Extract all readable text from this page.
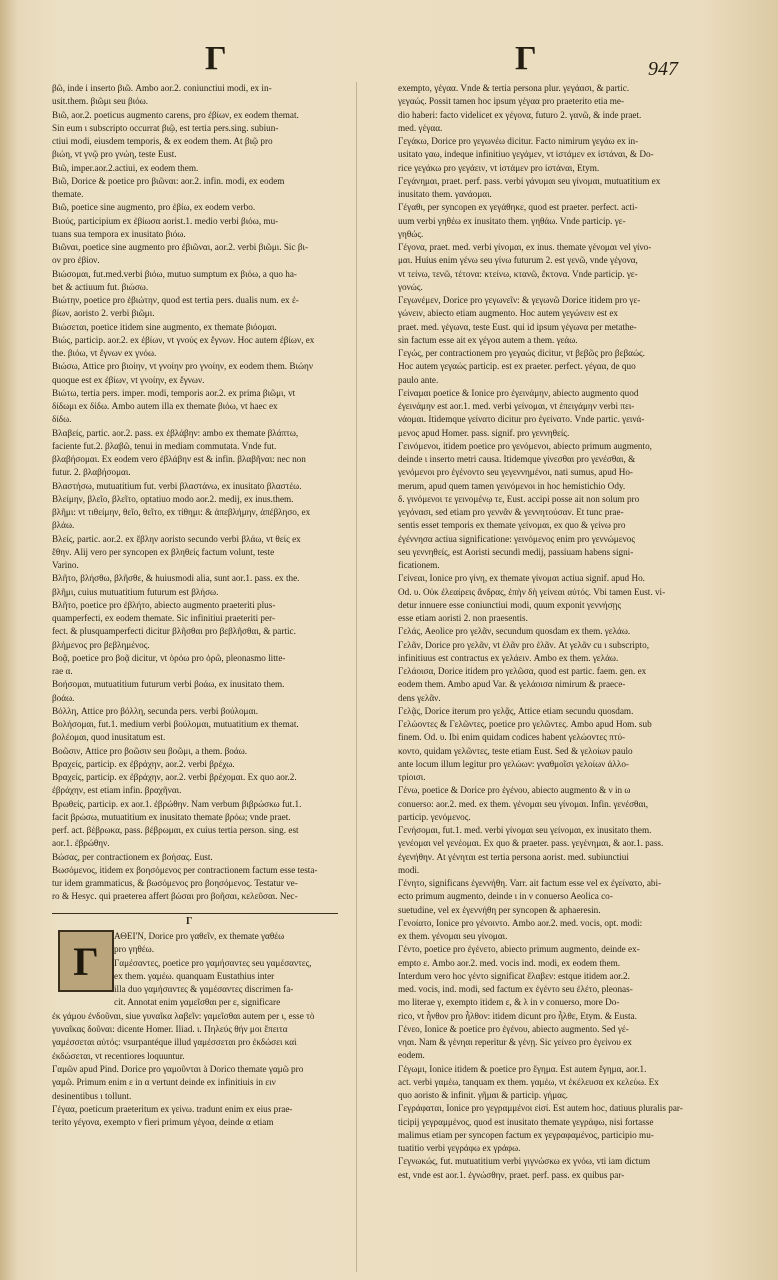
Γ	Γ	947
βῶ, inde i inserto βιῶ. Ambo aor.2. coniunctiui modi, ex in-
usit.them. βιῶμι seu βιόω.
Βιῶ, aor.2. poeticus augmento carens, pro ἐβίων, ex eodem themat.
Sin eum ι subscripto occurrat βιῷ, est tertia pers.sing. subiun-
ctiui modi, eiusdem temporis, & ex eodem them. At βιῷ pro
βιώη, vt γνῷ pro γνώη, teste Eust.
Βιῶ, imper.aor.2.actiui, ex eodem them.
Βιῶ, Dorice & poetice pro βιῶναι: aor.2. infin. modi, ex eodem
themate.
Βιῶ, poetice sine augmento, pro ἐβίω, ex eodem verbo.
Βιούς, participium ex ἐβίωσα aorist.1. medio verbi βιόω, mu-
tuans sua tempora ex inusitato βιόω.
Βιῶναι, poetice sine augmento pro ἐβιῶναι, aor.2. verbi βιῶμι. Sic βι-
ον pro ἐβίον.
Βιώσομαι, fut.med.verbi βιόω, mutuo sumptum ex βιόω, a quo ha-
bet & actiuum fut. βιώσω.
Βιώτην, poetice pro ἐβιώτην, quod est tertia pers. dualis num. ex ἐ-
βίων, aoristo 2. verbi βιῶμι.
Βιώσεται, poetice itidem sine augmento, ex themate βιόομαι.
Βιώς, particip. aor.2. ex ἐβίων, vt γνούς ex ἔγνων. Hoc autem ἐβίων, ex
the. βιόω, vt ἔγνων ex γνόω.
Βιώσω, Attice pro βιοίην, vt γνοίην pro γνοίην, ex eodem them. Βιώην
quoque est ex ἐβίων, vt γνοίην, ex ἔγνων.
Βιώτω, tertia pers. imper. modi, temporis aor.2. ex prima βιῶμι, vt
δίδωμι ex δίδω. Ambo autem illa ex themate βιόω, vt haec ex
δίδω.
Βλαβείς, partic. aor.2. pass. ex ἐβλάβην: ambo ex themate βλάπτω,
faciente fut.2. βλαβῶ, tenui in mediam commutata. Vnde fut.
βλαβήσομαι. Ex eodem vero ἐβλάβην est & infin. βλαβῆναι: nec non
futur. 2. βλαβήσομαι.
Βλαστήσω, mutuatitium fut. verbi βλαστάνω, ex inusitato βλαστέω.
Βλείμην, βλεῖο, βλεῖτο, optatiuo modo aor.2. medij, ex inus.them.
βλῆμι: vt τιθείμην, θεῖο, θεῖτο, ex τίθημι: & ἀπεβλήμην, ἀπέβλησο, ex
βλάω.
Βλείς, partic. aor.2. ex ἔβλην aoristo secundo verbi βλάω, vt θείς ex
ἔθην. Alij vero per syncopen ex βληθείς factum volunt, teste
Varino.
Βλῆτο, βλήσθω, βλῆσθε, & huiusmodi alia, sunt aor.1. pass. ex the.
βλῆμι, cuius mutuatitium futurum est βλήσω.
Βλῆτο, poetice pro ἐβλήτο, abiecto augmento praeteriti plus-
quamperfecti, ex eodem themate. Sic infinitiui praeteriti per-
fect. & plusquamperfecti dicitur βλῆσθαι pro βεβλῆσθαι, & partic.
βλήμενος pro βεβλημένος.
Βοᾷ, poetice pro βοᾷ dicitur, vt ὁρόω pro ὁρῶ, pleonasmo litte-
rae α.
Βοήσομαι, mutuatitium futurum verbi βοάω, ex inusitato them.
βοάω.
Βόλλη, Attice pro βόλλη, secunda pers. verbi βούλομαι.
Βολήσομαι, fut.1. medium verbi βούλομαι, mutuatitium ex themat.
βολέομαι, quod inusitatum est.
Βοῶσιν, Attice pro βοῶσιν seu βοῶμι, a them. βοάω.
Βραχείς, particip. ex ἐβράχην, aor.2. verbi βρέχω.
Βραχείς, particip. ex ἐβράχην, aor.2. verbi βρέχομαι. Ex quo aor.2.
ἐβράχην, est etiam infin. βραχῆναι.
Βρωθείς, particip. ex aor.1. ἐβρώθην. Nam verbum βιβρώσκω fut.1.
facit βρώσω, mutuatitium ex inusitato themate βρόω; vnde praet.
perf. act. βέβρωκα, pass. βέβρωμαι, ex cuius tertia person. sing. est
aor.1. ἐβρώθην.
Βώσας, per contractionem ex βοήσας. Eust.
Βωσόμενος, itidem ex βοησόμενος per contractionem factum esse testa-
tur idem grammaticus, & βωσόμενος pro βοησόμενος. Testatur ve-
ro & Hesyc. qui praeterea affert βώσαι pro βοῆσαι, κελεῦσαι. Nec-
Γ
ΑΘΕΙ'Ν, Dorice pro γαθεῖν, ex themate γαθέω
pro γηθέω.
Γαμέσαντες, poetice pro γαμήσαντες seu γαμέσαντες,
ex them. γαμέω. quanquam Eustathius inter
illa duo γαμήσαντες & γαμέσαντες discrimen fa-
cit. Annotat enim γαμεῖσθαι per ε, significare
ἐκ γάμου ἐνδοῦναι, siue γυναῖκα λαβεῖν: γαμεῖσθαι autem per ι, esse τὸ
γυναῖκας δοῦναι: dicente Homer. Iliad. ι. Πηλεύς θήν μοι ἔπειτα
γαμέσσεται αὐτός: vsurpantéque illud γαμέσσεται pro ἐκδώσει καὶ
ἐκδώσεται, vt recentiores loquuntur.
Γαμῶν apud Pind. Dorice pro γαμοῦνται à Dorico themate γαμῶ pro
γαμῶ. Primum enim ε in α vertunt deinde ex infinitiuis in ειν
desinentibus ι tollunt.
Γέγαα, poeticum praeteritum ex γείνω. tradunt enim ex eius prae-
terito γέγονα, exempto ν fieri primum γέγοα, deinde α etiam
Γ
exempto, γέγαα. Vnde & tertia persona plur. γεγάασι, & partic.
γεγαώς. Possit tamen hoc ipsum γέγαα pro praeterito etia me-
dio haberi: facto videlicet ex γέγονα, futuro 2. γανῶ, & inde praet.
med. γέγαα.
Γεγάκω, Dorice pro γεγωνέω dicitur. Facto nimirum γεγάω ex in-
usitato γαω, indeque infinitiuo γεγάμεν, vt ἱστάμεν ex ἱστάναι, & Do-
rice γεγάκω pro γεγάειν, vt ἱστάμεν pro ἱστάναι, Etym.
Γεγάνημαι, praet. perf. pass. verbi γάνυμαι seu γίνομαι, mutuatitium ex
inusitato them. γανάομαι.
Γέγαθι, per syncopen ex γεγάθηκε, quod est praeter. perfect. acti-
uum verbi γηθέω ex inusitato them. γηθάω. Vnde particip. γε-
γηθώς.
Γέγονα, praet. med. verbi γίνομαι, ex inus. themate γένομαι vel γίνο-
μαι. Huius enim γένω seu γίνω futurum 2. est γενῶ, vnde γέγονα,
vt τείνω, τενῶ, τέτονα: κτείνω, κτανῶ, ἔκτονα. Vnde particip. γε-
γονώς.
Γεγωνέμεν, Dorice pro γεγωνεῖν: & γεγωνῶ Dorice itidem pro γε-
γώνειν, abiecto etiam augmento. Hoc autem γεγώνειν est ex
praet. med. γέγωνα, teste Eust. qui id ipsum γέγωνα per metathe-
sin factum esse ait ex γέγοα autem a them. γεάω.
Γεγώς, per contractionem pro γεγαώς dicitur, vt βεβῶς pro βεβαώς.
Hoc autem γεγαώς particip. est ex praeter. perfect. γέγαα, de quo
paulo ante.
Γείναμαι poetice & Ionice pro ἐγεινάμην, abiecto augmento quod
ἐγεινάμην est aor.1. med. verbi γείνομαι, vt ἐπειγάμην verbi πει-
νάομαι. Itidemque γείνατο dicitur pro ἐγείνατο. Vnde partic. γεινά-
μενος apud Homer. pass. signif. pro γεννηθείς.
Γεινόμενοι, itidem poetice pro γενόμενοι, abiecto primum augmento,
deinde ι inserto metri causa. Itidemque γίνεσθαι pro γενέσθαι, &
γενόμενοι pro ἐγένοντο seu γεγεννημένοι, nati sumus, apud Ho-
merum, apud quem tamen γεινόμενοι in hoc hemistichio Ody.
δ. γινόμενοι τε γεινομένῳ τε, Eust. accipi posse ait non solum pro
γεγόνασι, sed etiam pro γεννᾶν & γεννητούσαν. Et tunc prae-
sentis esset temporis ex themate γείνομαι, ex quo & γείνω pro
ἐγέννησα actiua significatione: γεινόμενος enim pro γεννώμενος
seu γεννηθείς, est Aoristi secundi medij, passiuam habens signi-
ficationem.
Γείνεαι, Ionice pro γίνη, ex themate γίνομαι actiua signif. apud Ho.
Od. υ. Οὐκ ἐλεαίρεις ἄνδρας, ἐπὴν δὴ γείνεαι αὐτός. Vbi tamen Eust. vi-
detur innuere esse coniunctiui modi, quum exponit γεννήσῃς
esse etiam aoristi 2. non praesentis.
Γελάς, Aeolice pro γελᾶν, secundum quosdam ex them. γελάω.
Γελᾶν, Dorice pro γελᾶν, vt ἐλᾶν pro ἐλᾶν. At γελᾶν cu ι subscripto,
infinitiuus est contractus ex γελάειν. Ambo ex them. γελάω.
Γελάοισα, Dorice itidem pro γελῶσα, quod est partic. faem. gen. ex
eodem them. Ambo apud Var. & γελάοισα nimirum & praece-
dens γελᾶν.
Γελᾷς, Dorice iterum pro γελᾷς, Attice etiam secundu quosdam.
Γελώοντες & Γελῶντες, poetice pro γελῶντες. Ambo apud Hom. sub
finem. Od. υ. Ibi enim quidam codices habent γελώοντες πτύ-
κοντο, quidam γελῶντες, teste etiam Eust. Sed & γελοίων paulo
ante locum illum legitur pro γελώων: γναθμοῖσι γελοίων ἀλλο-
τρίοισι.
Γένω, poetice & Dorice pro ἐγένου, abiecto augmento & ν in ω
conuerso: aor.2. med. ex them. γένομαι seu γίνομαι. Infin. γενέσθαι,
particip. γενόμενος.
Γενήσομαι, fut.1. med. verbi γίνομαι seu γείνομαι, ex inusitato them.
γενέομαι vel γενέομαι. Ex quo & praeter. pass. γεγένημαι, & aor.1. pass.
ἐγενήθην. At γένηται est tertia persona aorist. med. subiunctiui
modi.
Γένητο, significans ἐγεννήθη. Varr. ait factum esse vel ex ἐγείνατο, abi-
ecto primum augmento, deinde ι in ν conuerso Aeolica co-
suetudine, vel ex ἐγεννήθη per syncopen & aphaeresin.
Γενοίατο, Ionice pro γένοιντο. Ambo aor.2. med. vocis, opt. modi:
ex them. γένομαι seu γίνομαι.
Γέντο, poetice pro ἐγένετο, abiecto primum augmento, deinde ex-
empto ε. Ambo aor.2. med. vocis ind. modi, ex eodem them.
Interdum vero hoc γέντο significat ἔλαβεν: estque itidem aor.2.
med. vocis, ind. modi, sed factum ex ἐγέντο seu ἐλέτο, pleonas-
mo literae γ, exempto itidem ε, & λ in ν conuerso, more Do-
rico, vt ἦνθον pro ἦλθον: itidem dicunt pro ἦλθε, Etym. & Eusta.
Γένεο, Ionice & poetice pro ἐγένου, abiecto augmento. Sed γέ-
νηαι. Nam & γένηαι reperitur & γένῃ. Sic γείνεο pro ἐγείνου ex
eodem.
Γέγωμι, Ionice itidem & poetice pro ἔγημα. Est autem ἔγημα, aor.1.
act. verbi γαμέω, tanquam ex them. γαμέω, vt ἐκέλευσα ex κελεύω. Ex
quo aoristo & infinit. γῆμαι & particip. γήμας.
Γεγράφαται, Ionice pro γεγραμμένοι εἰσί. Est autem hoc, datiuus pluralis par-
ticipij γεγραμμένος, quod est inusitato themate γεγράφω, nisi fortasse
malimus etiam per syncopen factum ex γεγραφαμένος, participio mu-
tuatitio verbi γεγράφω ex γράφω.
Γεγνωκώς, fut. mutuatitium verbi γιγνώσκω ex γνόω, vti iam dictum
est, vnde est aor.1. ἐγνώσθην, praet. perf. pass. ex quibus par-
